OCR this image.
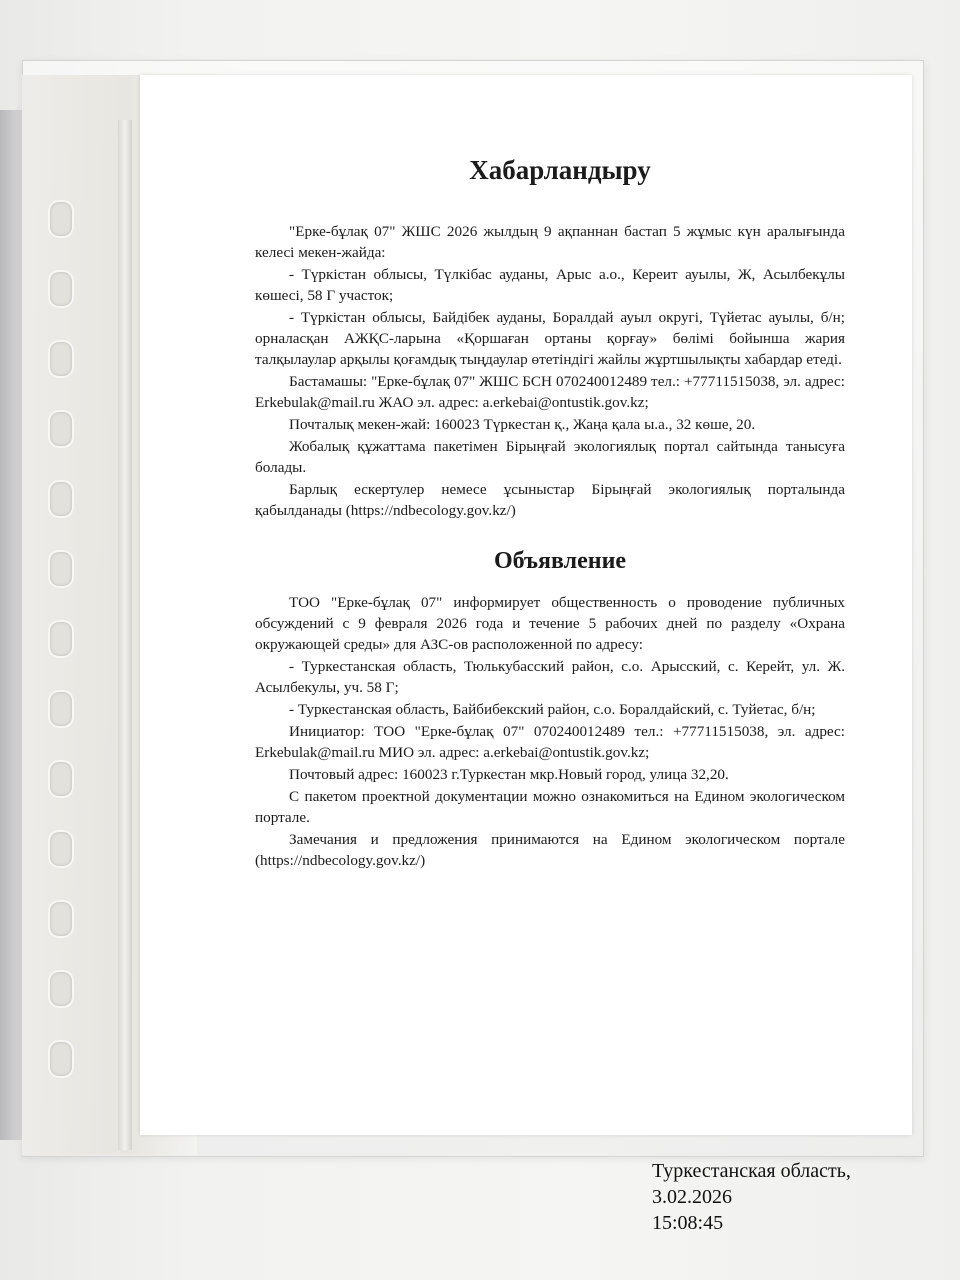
Хабарландыру

"Ерке-бұлақ 07" ЖШС 2026 жылдың 9 ақпаннан бастап 5 жұмыс күн аралығында келесі мекен-жайда:

- Түркістан облысы, Түлкібас ауданы, Арыс а.о., Кереит ауылы, Ж, Асылбекұлы көшесі, 58 Г участок;

- Түркістан облысы, Байдібек ауданы, Боралдай ауыл округі, Түйетас ауылы, б/н; орналасқан АЖҚС-ларына «Қоршаған ортаны қорғау» бөлімі бойынша жария талқылаулар арқылы қоғамдық тыңдаулар өтетіндігі жайлы жұртшылықты хабардар етеді.

Бастамашы: "Ерке-бұлақ 07" ЖШС БСН 070240012489 тел.: +77711515038, эл. адрес: Erkebulak@mail.ru ЖАО эл. адрес: a.erkebai@ontustik.gov.kz;

Почталық мекен-жай: 160023 Түркестан қ., Жаңа қала ы.а., 32 көше, 20.

Жобалық құжаттама пакетімен Бірыңғай экологиялық портал сайтында танысуға болады.

Барлық ескертулер немесе ұсыныстар Бірыңғай экологиялық порталында қабылданады (https://ndbecology.gov.kz/)

Объявление

ТОО "Ерке-бұлақ 07" информирует общественность о проводение публичных обсуждений с 9 февраля 2026 года и течение 5 рабочих дней по разделу «Охрана окружающей среды» для АЗС-ов расположенной по адресу:

- Туркестанская область, Тюлькубасский район, с.о. Арысский, с. Керейт, ул. Ж. Асылбекулы, уч. 58 Г;

- Туркестанская область, Байбибекский район, с.о. Боралдайский, с. Туйетас, б/н;

Инициатор: ТОО "Ерке-бұлақ 07" 070240012489 тел.: +77711515038, эл. адрес: Erkebulak@mail.ru МИО эл. адрес: a.erkebai@ontustik.gov.kz;

Почтовый адрес: 160023 г.Туркестан мкр.Новый город, улица 32,20.

С пакетом проектной документации можно ознакомиться на Едином экологическом портале.

Замечания и предложения принимаются на Едином экологическом портале (https://ndbecology.gov.kz/)

Туркестанская область,
3.02.2026
15:08:45
